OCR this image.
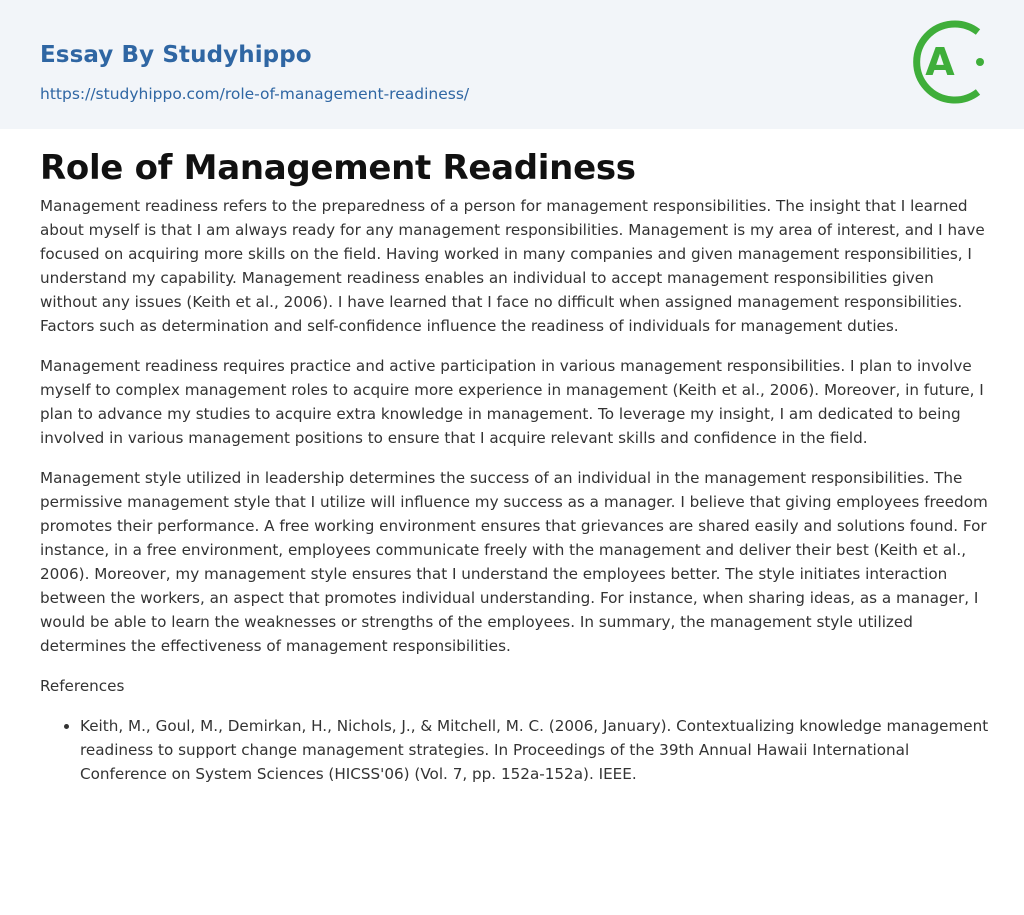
Essay By Studyhippo
https://studyhippo.com/role-of-management-readiness/
A
Role of Management Readiness

Management readiness refers to the preparedness of a person for management responsibilities. The insight that I learned about myself is that I am always ready for any management responsibilities. Management is my area of interest, and I have focused on acquiring more skills on the field. Having worked in many companies and given management responsibilities, I understand my capability. Management readiness enables an individual to accept management responsibilities given without any issues (Keith et al., 2006). I have learned that I face no difficult when assigned management responsibilities. Factors such as determination and self-confidence influence the readiness of individuals for management duties.

Management readiness requires practice and active participation in various management responsibilities. I plan to involve myself to complex management roles to acquire more experience in management (Keith et al., 2006). Moreover, in future, I plan to advance my studies to acquire extra knowledge in management. To leverage my insight, I am dedicated to being involved in various management positions to ensure that I acquire relevant skills and confidence in the field.

Management style utilized in leadership determines the success of an individual in the management responsibilities. The permissive management style that I utilize will influence my success as a manager. I believe that giving employees freedom promotes their performance. A free working environment ensures that grievances are shared easily and solutions found. For instance, in a free environment, employees communicate freely with the management and deliver their best (Keith et al., 2006). Moreover, my management style ensures that I understand the employees better. The style initiates interaction between the workers, an aspect that promotes individual understanding. For instance, when sharing ideas, as a manager, I would be able to learn the weaknesses or strengths of the employees. In summary, the management style utilized determines the effectiveness of management responsibilities.

References
• Keith, M., Goul, M., Demirkan, H., Nichols, J., & Mitchell, M. C. (2006, January). Contextualizing knowledge management readiness to support change management strategies. In Proceedings of the 39th Annual Hawaii International Conference on System Sciences (HICSS'06) (Vol. 7, pp. 152a-152a). IEEE.
